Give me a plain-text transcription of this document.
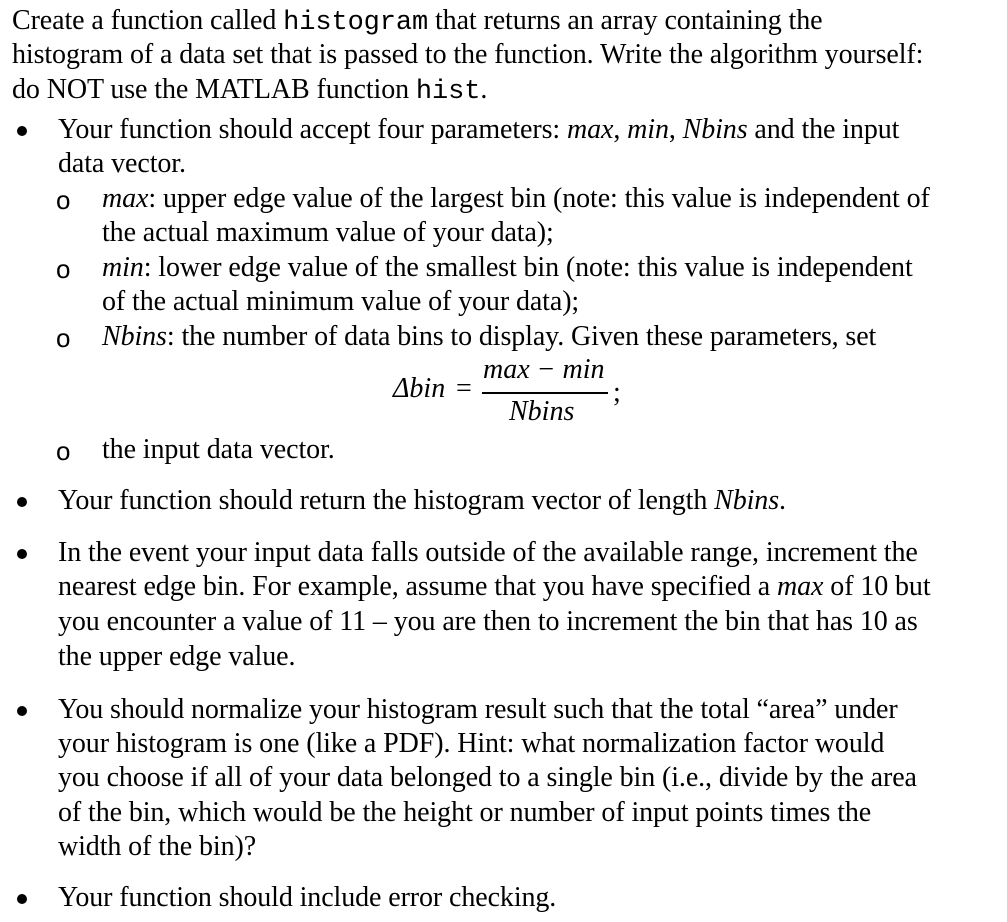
Create a function called histogram that returns an array containing the
histogram of a data set that is passed to the function. Write the algorithm yourself:
do NOT use the MATLAB function hist.
Your function should accept four parameters: max, min, Nbins and the input
data vector.
o max: upper edge value of the largest bin (note: this value is independent of
the actual maximum value of your data);
o min: lower edge value of the smallest bin (note: this value is independent
of the actual minimum value of your data);
o Nbins: the number of data bins to display. Given these parameters, set
Δbin =
max − min
Nbins
;
o the input data vector.
Your function should return the histogram vector of length Nbins.
In the event your input data falls outside of the available range, increment the
nearest edge bin. For example, assume that you have specified a max of 10 but
you encounter a value of 11 – you are then to increment the bin that has 10 as
the upper edge value.
You should normalize your histogram result such that the total “area” under
your histogram is one (like a PDF). Hint: what normalization factor would
you choose if all of your data belonged to a single bin (i.e., divide by the area
of the bin, which would be the height or number of input points times the
width of the bin)?
Your function should include error checking.
